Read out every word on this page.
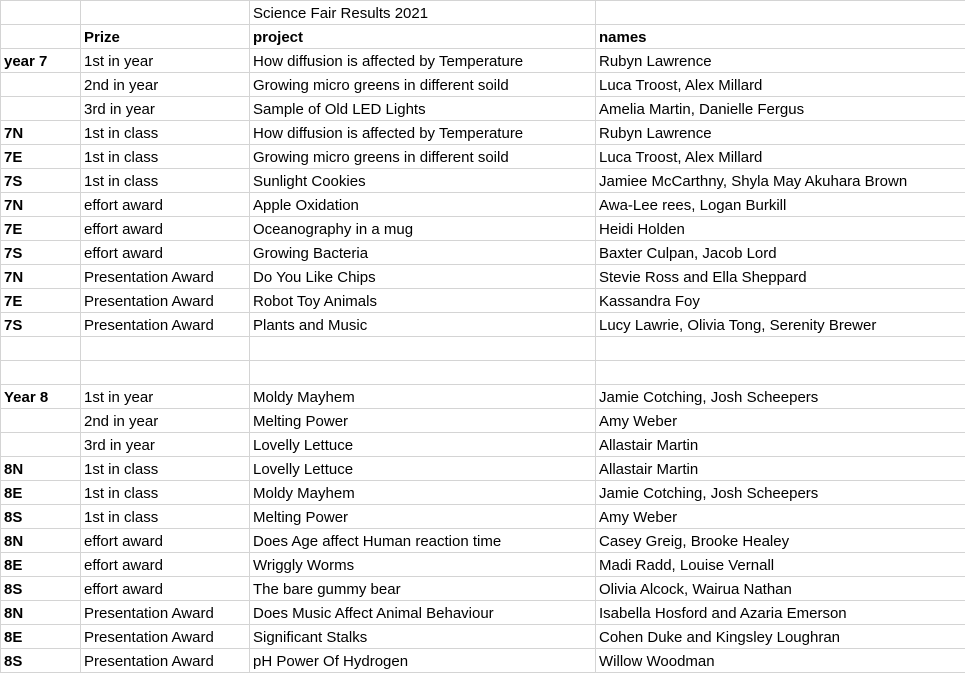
		Science Fair Results 2021	
	Prize	project	names
year 7	1st in year	How diffusion is affected by Temperature	Rubyn Lawrence
	2nd in year	Growing micro greens in different soild	Luca Troost, Alex Millard
	3rd in year	Sample of Old LED Lights	Amelia Martin, Danielle Fergus
7N	1st in class	How diffusion is affected by Temperature	Rubyn Lawrence
7E	1st in class	Growing micro greens in different soild	Luca Troost, Alex Millard
7S	1st in class	Sunlight Cookies	Jamiee McCarthny, Shyla May Akuhara Brown
7N	effort award	Apple Oxidation	Awa-Lee rees, Logan Burkill
7E	effort award	Oceanography in a mug	Heidi Holden
7S	effort award	Growing Bacteria	Baxter Culpan, Jacob Lord
7N	Presentation Award	Do You Like Chips	Stevie Ross and Ella Sheppard
7E	Presentation Award	Robot Toy Animals	Kassandra Foy
7S	Presentation Award	Plants and Music	Lucy Lawrie, Olivia Tong, Serenity Brewer

Year 8	1st in year	Moldy Mayhem	Jamie Cotching, Josh Scheepers
	2nd in year	Melting Power	Amy Weber
	3rd in year	Lovelly Lettuce	Allastair Martin
8N	1st in class	Lovelly Lettuce	Allastair Martin
8E	1st in class	Moldy Mayhem	Jamie Cotching, Josh Scheepers
8S	1st in class	Melting Power	Amy Weber
8N	effort award	Does Age affect Human reaction time	Casey Greig, Brooke Healey
8E	effort award	Wriggly Worms	Madi Radd, Louise Vernall
8S	effort award	The bare gummy bear	Olivia Alcock, Wairua Nathan
8N	Presentation Award	Does Music Affect Animal Behaviour	Isabella Hosford and Azaria Emerson
8E	Presentation Award	Significant Stalks	Cohen Duke and Kingsley Loughran
8S	Presentation Award	pH Power Of Hydrogen	Willow Woodman
